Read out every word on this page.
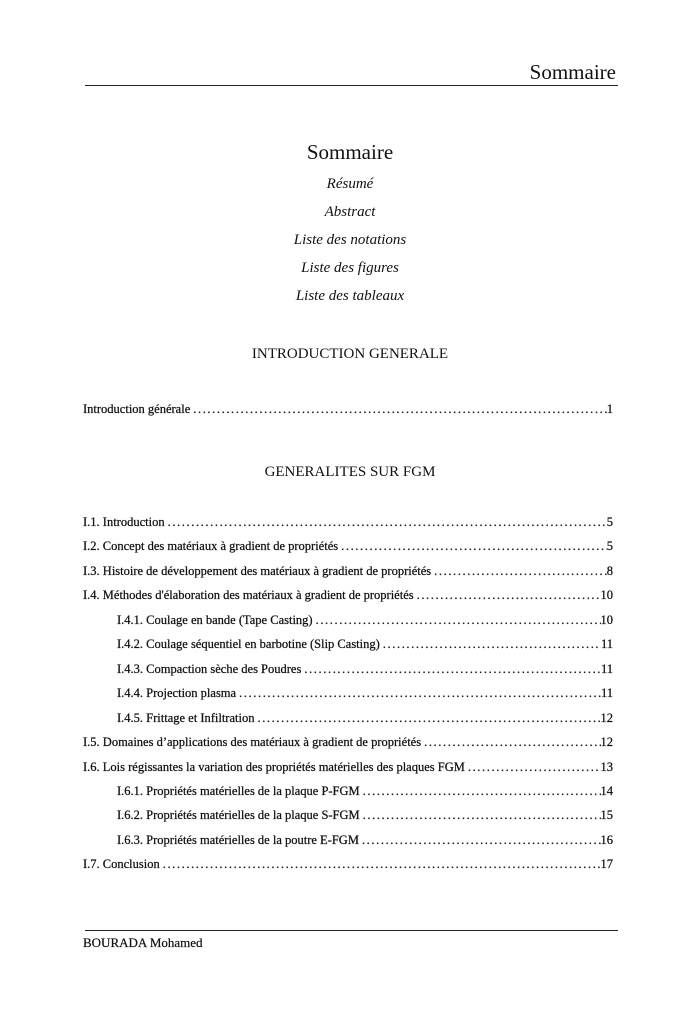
Sommaire
Sommaire
Résumé
Abstract
Liste des notations
Liste des figures
Liste des tableaux
INTRODUCTION GENERALE
Introduction générale .....	1
GENERALITES SUR FGM
I.1. Introduction .....	5
I.2. Concept des matériaux à gradient de propriétés .....	5
I.3. Histoire de développement des matériaux à gradient de propriétés .....	8
I.4. Méthodes d'élaboration des matériaux à gradient de propriétés .....	10
I.4.1. Coulage en bande (Tape Casting) .....	10
I.4.2. Coulage séquentiel en barbotine (Slip Casting) .....	11
I.4.3. Compaction sèche des Poudres .....	11
I.4.4. Projection plasma .....	11
I.4.5. Frittage et Infiltration .....	12
I.5. Domaines d’applications des matériaux à gradient de propriétés .....	12
I.6. Lois régissantes la variation des propriétés matérielles des plaques FGM .....	13
I.6.1. Propriétés matérielles de la plaque P-FGM .....	14
I.6.2. Propriétés matérielles de la plaque S-FGM .....	15
I.6.3. Propriétés matérielles de la poutre E-FGM .....	16
I.7. Conclusion .....	17
BOURADA Mohamed
